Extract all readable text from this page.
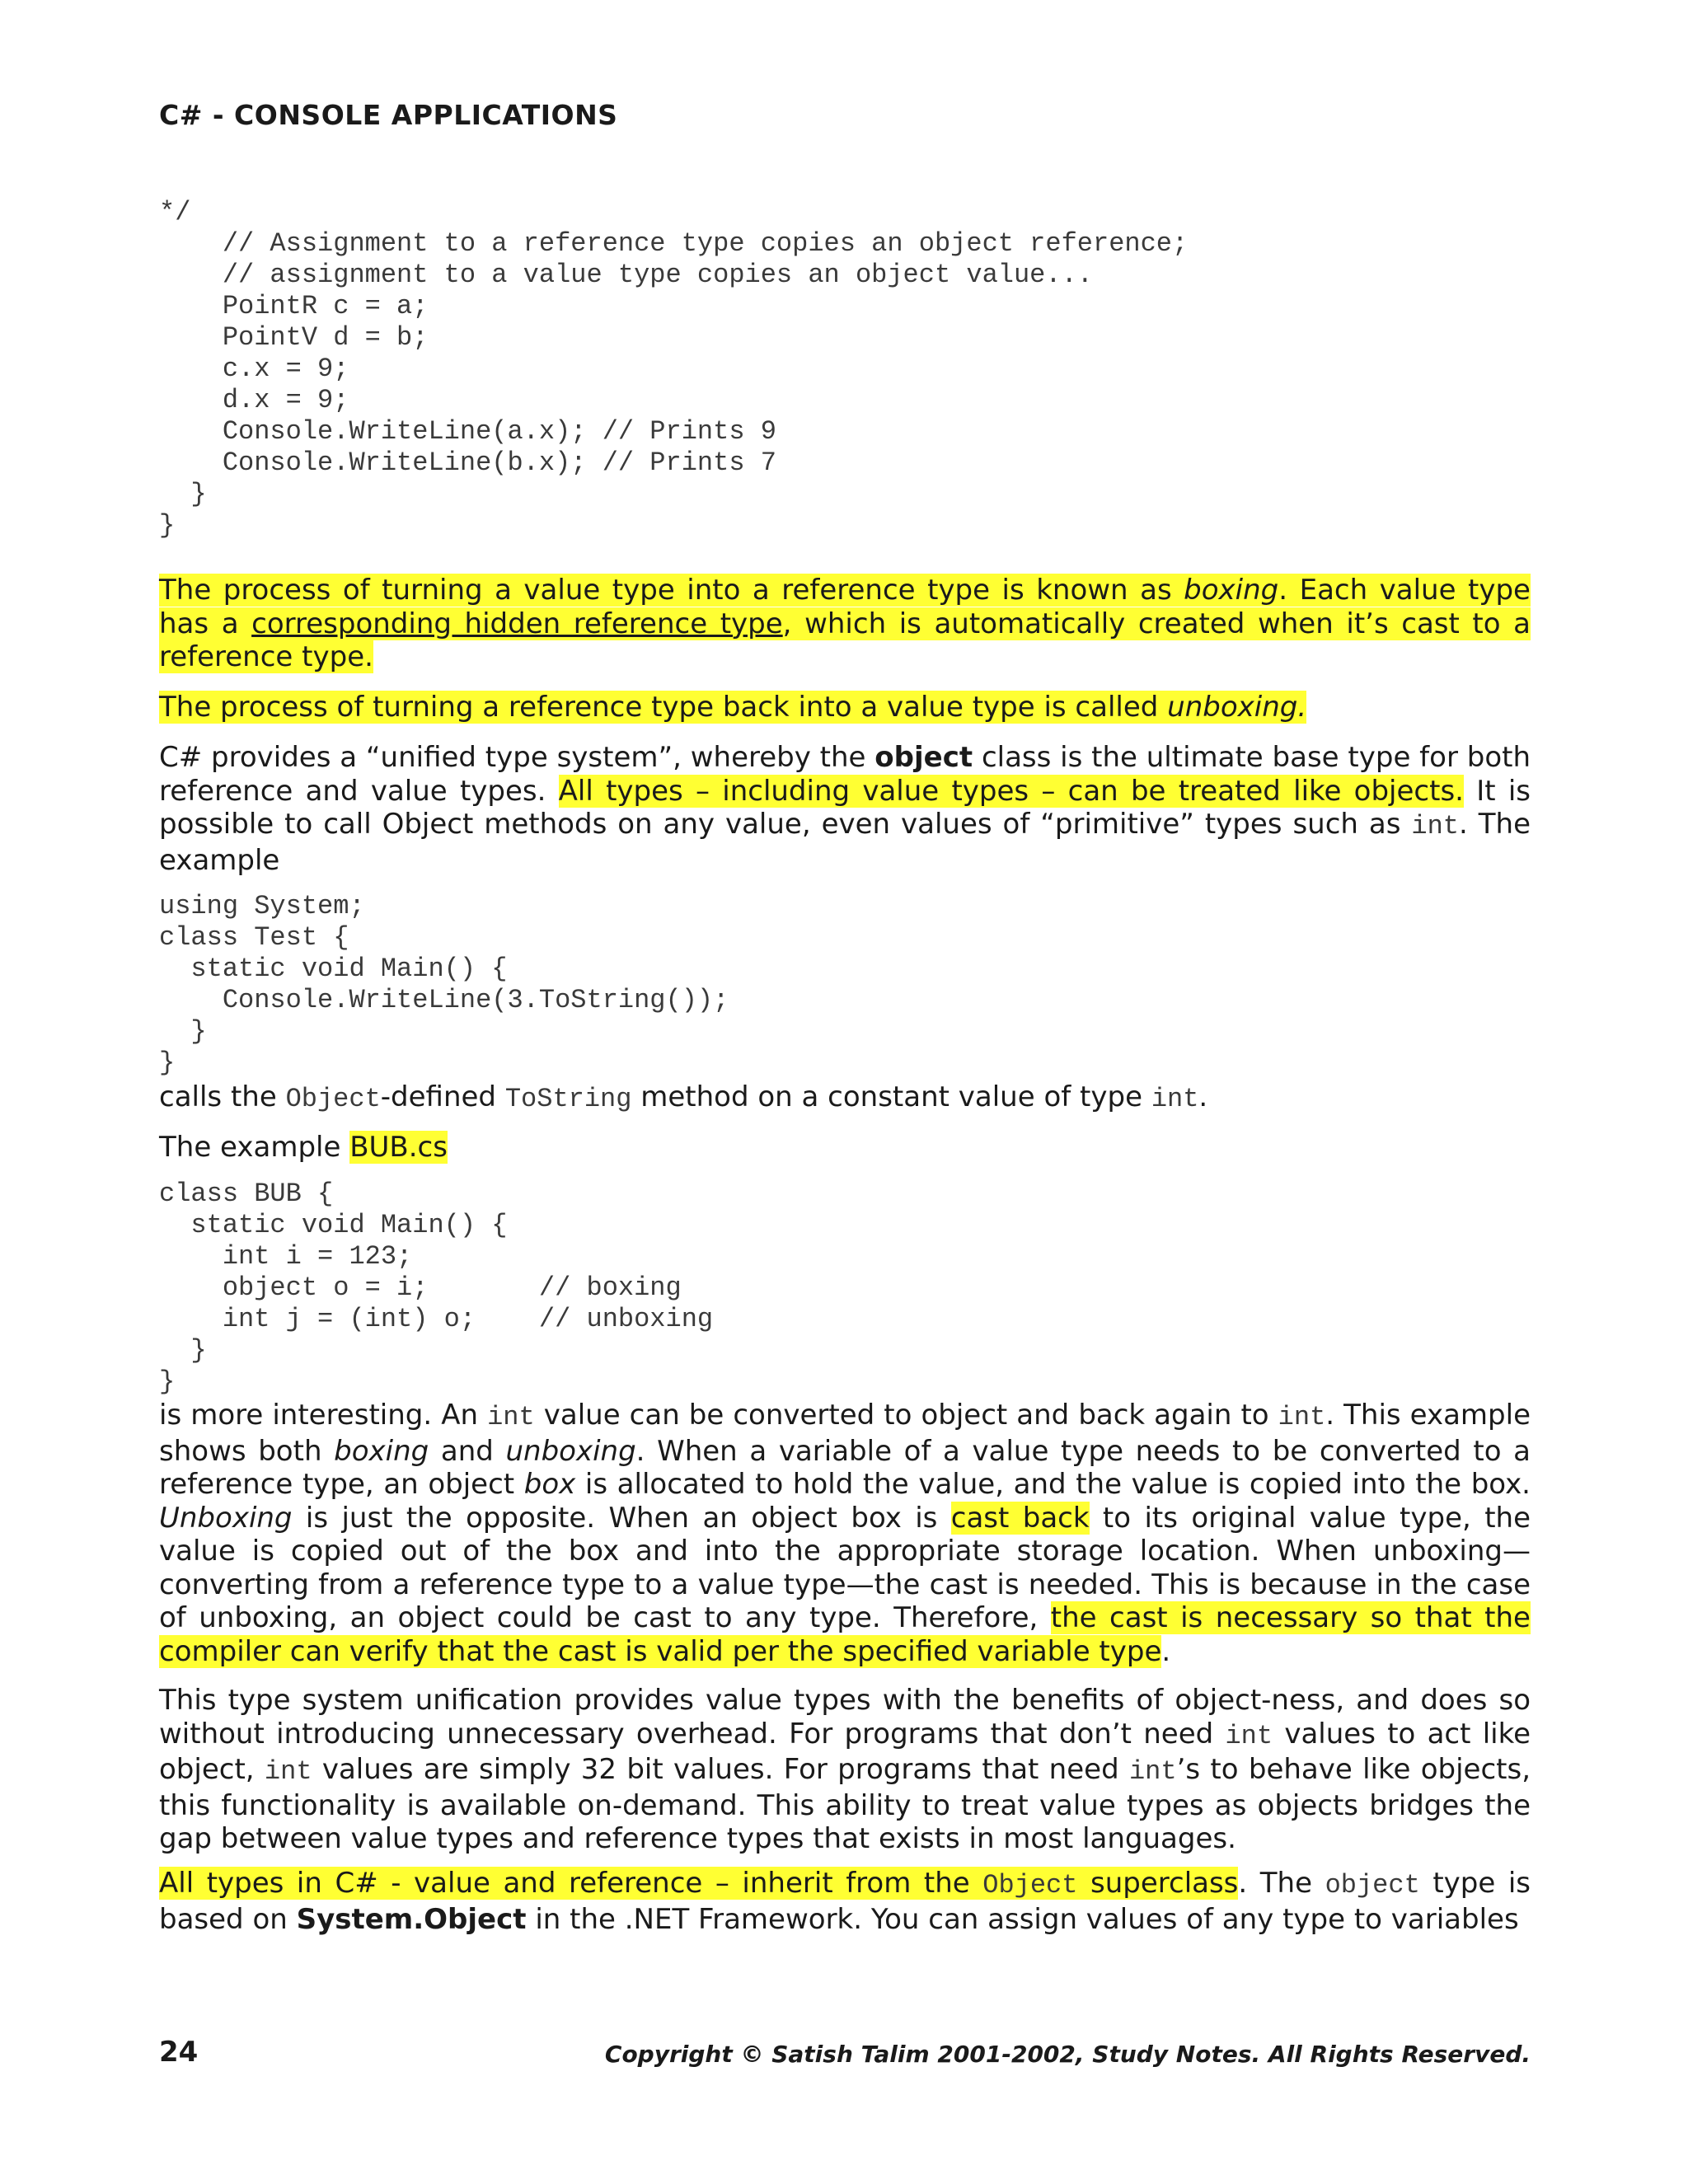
C# - CONSOLE APPLICATIONS
*/
// Assignment to a reference type copies an object reference;
// assignment to a value type copies an object value...
PointR c = a;
PointV d = b;
c.x = 9;
d.x = 9;
Console.WriteLine(a.x); // Prints 9
Console.WriteLine(b.x); // Prints 7
}
}

The process of turning a value type into a reference type is known as boxing. Each value type has a corresponding hidden reference type, which is automatically created when it’s cast to a reference type.

The process of turning a reference type back into a value type is called unboxing.

C# provides a “unified type system”, whereby the object class is the ultimate base type for both reference and value types. All types – including value types – can be treated like objects. It is possible to call Object methods on any value, even values of “primitive” types such as int. The example

using System;
class Test {
static void Main() {
Console.WriteLine(3.ToString());
}
}

calls the Object-defined ToString method on a constant value of type int.

The example BUB.cs

class BUB {
static void Main() {
int i = 123;
object o = i;       // boxing
int j = (int) o;    // unboxing
}
}

is more interesting. An int value can be converted to object and back again to int. This example shows both boxing and unboxing. When a variable of a value type needs to be converted to a reference type, an object box is allocated to hold the value, and the value is copied into the box. Unboxing is just the opposite. When an object box is cast back to its original value type, the value is copied out of the box and into the appropriate storage location. When unboxing—converting from a reference type to a value type—the cast is needed. This is because in the case of unboxing, an object could be cast to any type. Therefore, the cast is necessary so that the compiler can verify that the cast is valid per the specified variable type.

This type system unification provides value types with the benefits of object-ness, and does so without introducing unnecessary overhead. For programs that don’t need int values to act like object, int values are simply 32 bit values. For programs that need int’s to behave like objects, this functionality is available on-demand. This ability to treat value types as objects bridges the gap between value types and reference types that exists in most languages.

All types in C# - value and reference – inherit from the Object superclass. The object type is based on System.Object in the .NET Framework. You can assign values of any type to variables

24	Copyright © Satish Talim 2001-2002, Study Notes. All Rights Reserved.
